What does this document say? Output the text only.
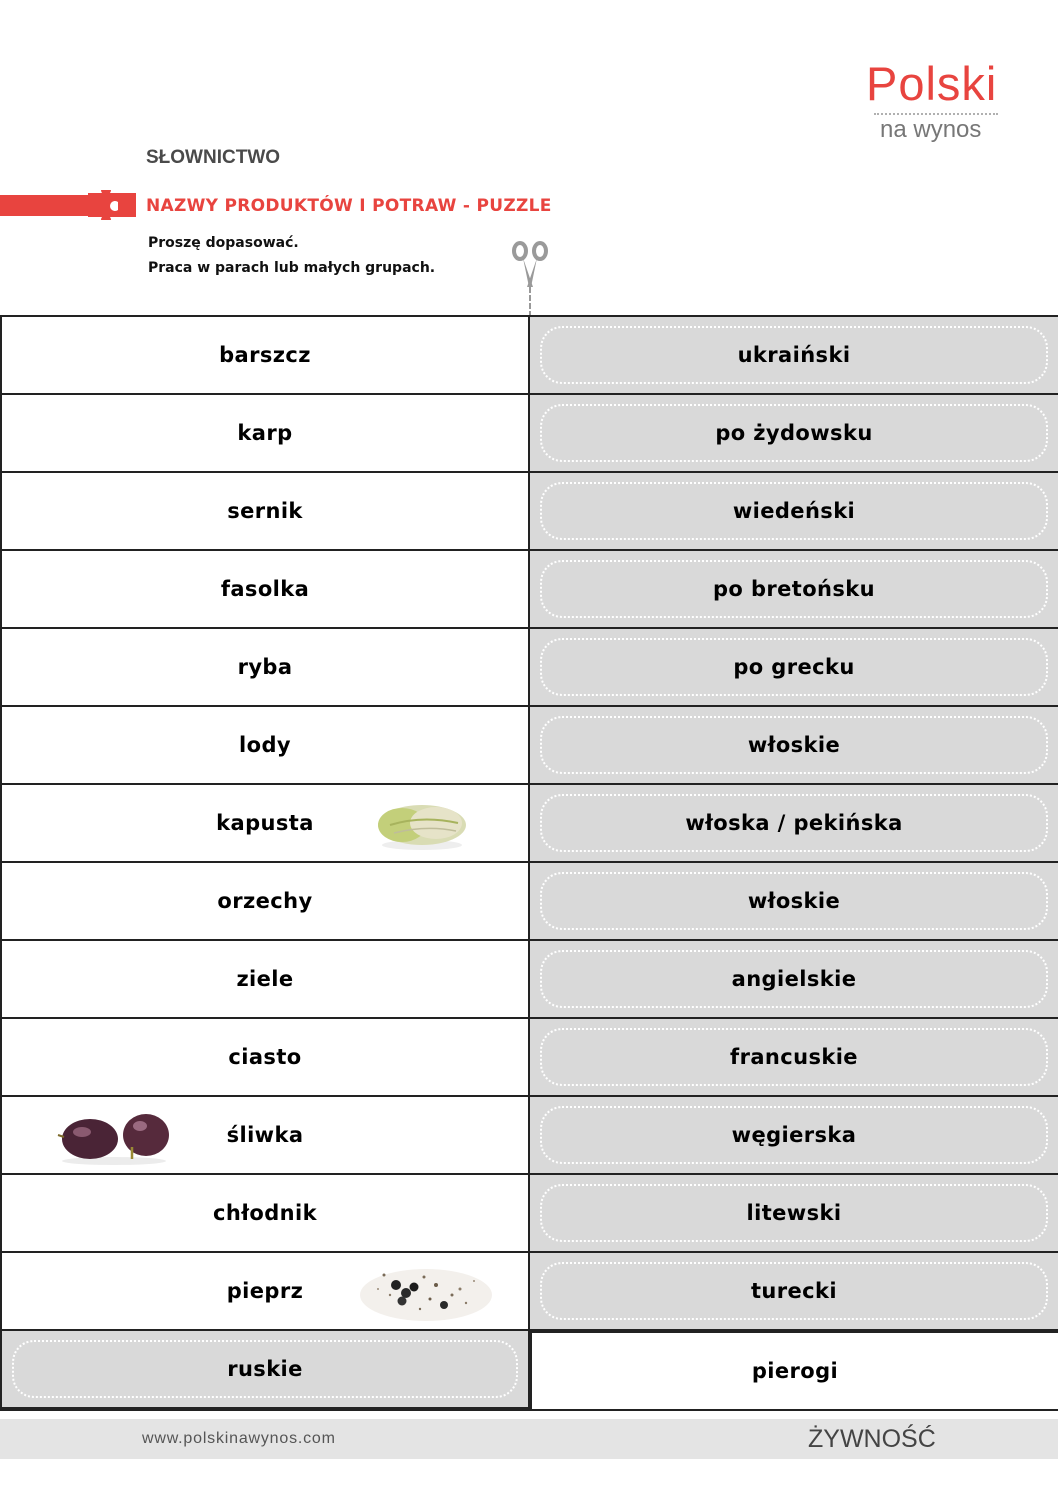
Polski
na wynos
SŁOWNICTWO
NAZWY PRODUKTÓW I POTRAW - PUZZLE
Proszę dopasować.
Praca w parach lub małych grupach.
barszcz	ukraiński
karp	po żydowsku
sernik	wiedeński
fasolka	po bretońsku
ryba	po grecku
lody	włoskie
kapusta	włoska / pekińska
orzechy	włoskie
ziele	angielskie
ciasto	francuskie
śliwka	węgierska
chłodnik	litewski
pieprz	turecki
ruskie	pierogi
www.polskinawynos.com	ŻYWNOŚĆ
